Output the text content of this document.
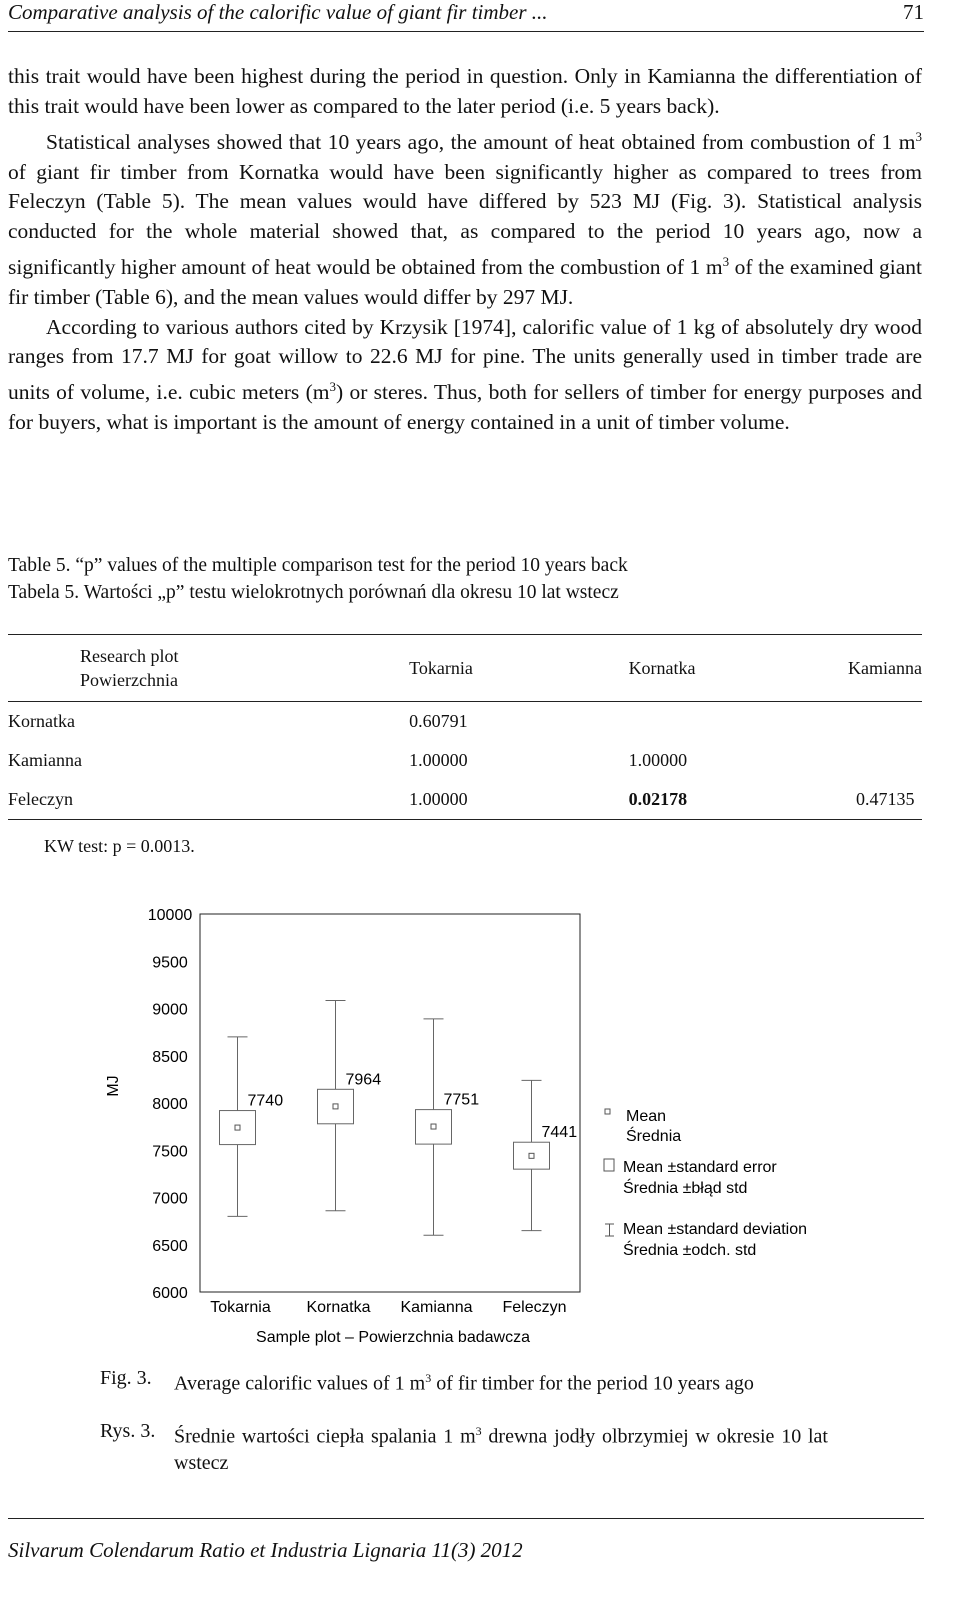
Comparative analysis of the calorific value of giant fir timber ...	71

this trait would have been highest during the period in question. Only in Kamianna the differentiation of this trait would have been lower as compared to the later period (i.e. 5 years back).

Statistical analyses showed that 10 years ago, the amount of heat obtained from combustion of 1 $m^3$ of giant fir timber from Kornatka would have been significantly higher as compared to trees from Feleczyn (Table 5). The mean values would have differed by 523 MJ (Fig. 3). Statistical analysis conducted for the whole material showed that, as compared to the period 10 years ago, now a significantly higher amount of heat would be obtained from the combustion of 1 $m^3$ of the examined giant fir timber (Table 6), and the mean values would differ by 297 MJ.

According to various authors cited by Krzysik [1974], calorific value of 1 kg of absolutely dry wood ranges from 17.7 MJ for goat willow to 22.6 MJ for pine. The units generally used in timber trade are units of volume, i.e. cubic meters $(m^3)$ or steres. Thus, both for sellers of timber for energy purposes and for buyers, what is important is the amount of energy contained in a unit of timber volume.

Table 5. “p” values of the multiple comparison test for the period 10 years back
Tabela 5. Wartości „p” testu wielokrotnych porównań dla okresu 10 lat wstecz
Research plot
Powierzchnia	Tokarnia	Kornatka	Kamianna
Kornatka	0.60791		
Kamianna	1.00000	1.00000	
Feleczyn	1.00000	0.02178	0.47135
KW test: p = 0.0013.
10000
9500
9000
8500
8000
7500
7000
6500
6000
MJ
7740
7964
7751
7441
Tokarnia Kornatka Kamianna Feleczyn
Sample plot – Powierzchnia badawcza
Mean
Średnia
Mean ±standard error
Średnia ±błąd std
Mean ±standard deviation
Średnia ±odch. std
Fig. 3. Average calorific values of 1 $m^3$ of fir timber for the period 10 years ago
Rys. 3. Średnie wartości ciepła spalania 1 $m^3$ drewna jodły olbrzymiej w okresie 10 lat wstecz
Silvarum Colendarum Ratio et Industria Lignaria 11(3) 2012
